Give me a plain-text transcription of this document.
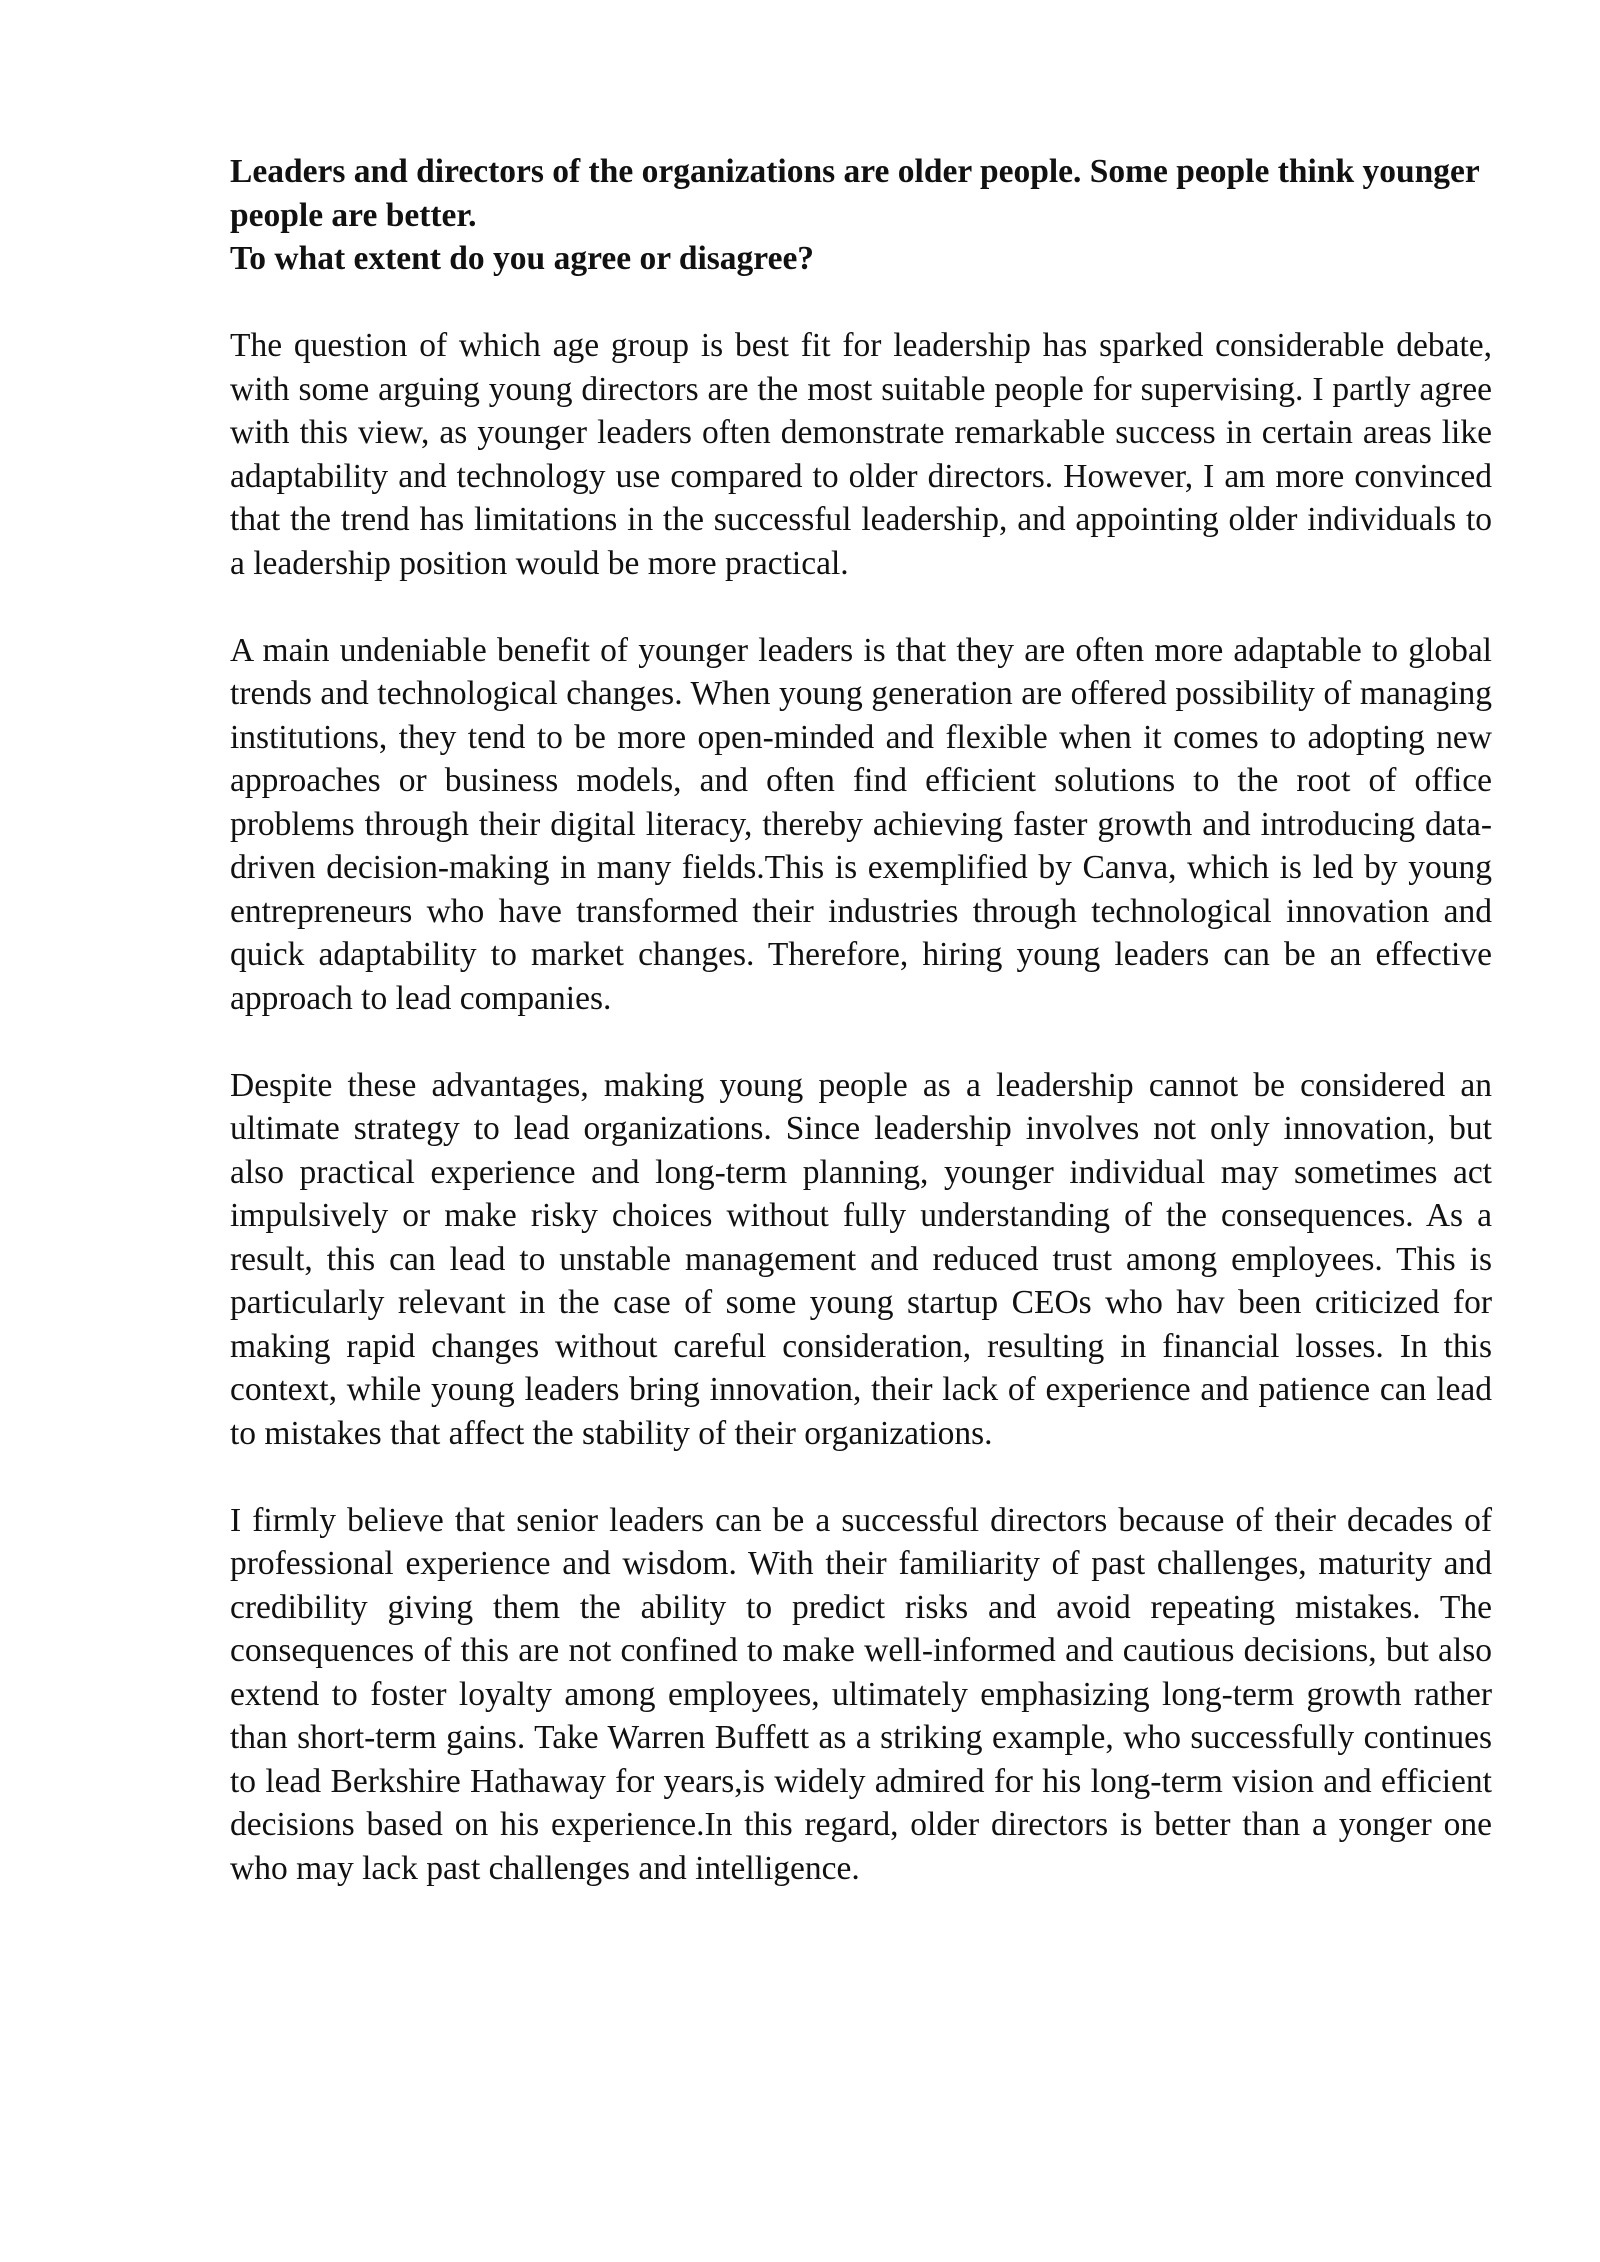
Leaders and directors of the organizations are older people. Some people think younger people are better.

To what extent do you agree or disagree?

The question of which age group is best fit for leadership has sparked considerable debate, with some arguing young directors are the most suitable people for supervising. I partly agree with this view, as younger leaders often demonstrate remarkable success in certain areas like adaptability and technology use compared to older directors. However, I am more convinced that the trend has limitations in the successful leadership, and appointing older individuals to a leadership position would be more practical.

A main undeniable benefit of younger leaders is that they are often more adaptable to global trends and technological changes. When young generation are offered possibility of managing institutions, they tend to be more open-minded and flexible when it comes to adopting new approaches or business models, and often find efficient solutions to the root of office problems through their digital literacy, thereby achieving faster growth and introducing data-driven decision-making in many fields.This is exemplified by Canva, which is led by young entrepreneurs who have transformed their industries through technological innovation and quick adaptability to market changes. Therefore, hiring young leaders can be an effective approach to lead companies.

Despite these advantages, making young people as a leadership cannot be considered an ultimate strategy to lead organizations. Since leadership involves not only innovation, but also practical experience and long-term planning, younger individual may sometimes act impulsively or make risky choices without fully understanding of the consequences. As a result, this can lead to unstable management and reduced trust among employees. This is particularly relevant in the case of some young startup CEOs who hav been criticized for making rapid changes without careful consideration, resulting in financial losses. In this context, while young leaders bring innovation, their lack of experience and patience can lead to mistakes that affect the stability of their organizations.

I firmly believe that senior leaders can be a successful directors because of their decades of professional experience and wisdom. With their familiarity of past challenges, maturity and credibility giving them the ability to predict risks and avoid repeating mistakes. The consequences of this are not confined to make well-informed and cautious decisions, but also extend to foster loyalty among employees, ultimately emphasizing long-term growth rather than short-term gains. Take Warren Buffett as a striking example, who successfully continues to lead Berkshire Hathaway for years,is widely admired for his long-term vision and efficient decisions based on his experience.In this regard, older directors is better than a yonger one who may lack past challenges and intelligence.
